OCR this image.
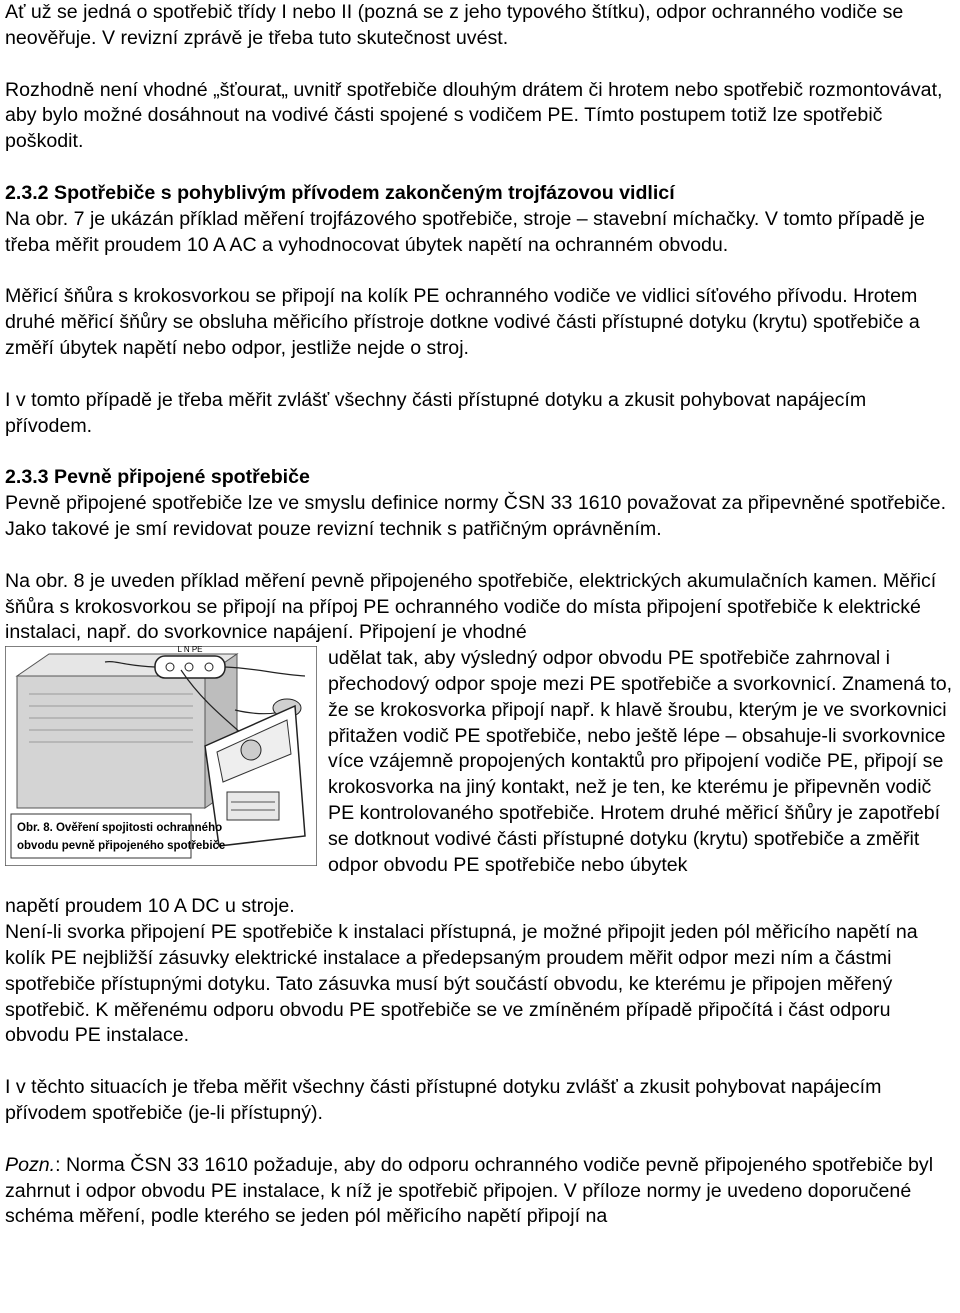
Ať už se jedná o spotřebič třídy I nebo II (pozná se z jeho typového štítku), odpor ochranného vodiče se neověřuje. V revizní zprávě je třeba tuto skutečnost uvést.

Rozhodně není vhodné „šťourat„ uvnitř spotřebiče dlouhým drátem či hrotem nebo spotřebič rozmontovávat, aby bylo možné dosáhnout na vodivé části spojené s vodičem PE. Tímto postupem totiž lze spotřebič poškodit.

2.3.2 Spotřebiče s pohyblivým přívodem zakončeným trojfázovou vidlicí

Na obr. 7 je ukázán příklad měření trojfázového spotřebiče, stroje – stavební míchačky. V tomto případě je třeba měřit proudem 10 A AC a vyhodnocovat úbytek napětí na ochranném obvodu.

Měřicí šňůra s krokosvorkou se připojí na kolík PE ochranného vodiče ve vidlici síťového přívodu. Hrotem druhé měřicí šňůry se obsluha měřicího přístroje dotkne vodivé části přístupné dotyku (krytu) spotřebiče a změří úbytek napětí nebo odpor, jestliže nejde o stroj.

I v tomto případě je třeba měřit zvlášť všechny části přístupné dotyku a zkusit pohybovat napájecím přívodem.

2.3.3 Pevně připojené spotřebiče

Pevně připojené spotřebiče lze ve smyslu definice normy ČSN 33 1610 považovat za připevněné spotřebiče. Jako takové je smí revidovat pouze revizní technik s patřičným oprávněním.

Na obr. 8 je uveden příklad měření pevně připojeného spotřebiče, elektrických akumulačních kamen. Měřicí šňůra s krokosvorkou se připojí na přípoj PE ochranného vodiče do místa připojení spotřebiče k elektrické instalaci, např. do svorkovnice napájení. Připojení je vhodné

L N PE
Obr. 8. Ověření spojitosti ochranného
obvodu pevně připojeného spotřebiče

udělat tak, aby výsledný odpor obvodu PE spotřebiče zahrnoval i přechodový odpor spoje mezi PE spotřebiče a svorkovnicí. Znamená to, že se krokosvorka připojí např. k hlavě šroubu, kterým je ve svorkovnici přitažen vodič PE spotřebiče, nebo ještě lépe – obsahuje-li svorkovnice více vzájemně propojených kontaktů pro připojení vodiče PE, připojí se krokosvorka na jiný kontakt, než je ten, ke kterému je připevněn vodič PE kontrolovaného spotřebiče. Hrotem druhé měřicí šňůry je zapotřebí se dotknout vodivé části přístupné dotyku (krytu) spotřebiče a změřit odpor obvodu PE spotřebiče nebo úbytek

napětí proudem 10 A DC u stroje.

Není-li svorka připojení PE spotřebiče k instalaci přístupná, je možné připojit jeden pól měřicího napětí na kolík PE nejbližší zásuvky elektrické instalace a předepsaným proudem měřit odpor mezi ním a částmi spotřebiče přístupnými dotyku. Tato zásuvka musí být součástí obvodu, ke kterému je připojen měřený spotřebič. K měřenému odporu obvodu PE spotřebiče se ve zmíněném případě připočítá i část odporu obvodu PE instalace.

I v těchto situacích je třeba měřit všechny části přístupné dotyku zvlášť a zkusit pohybovat napájecím přívodem spotřebiče (je-li přístupný).

Pozn.: Norma ČSN 33 1610 požaduje, aby do odporu ochranného vodiče pevně připojeného spotřebiče byl zahrnut i odpor obvodu PE instalace, k níž je spotřebič připojen. V příloze normy je uvedeno doporučené schéma měření, podle kterého se jeden pól měřicího napětí připojí na
